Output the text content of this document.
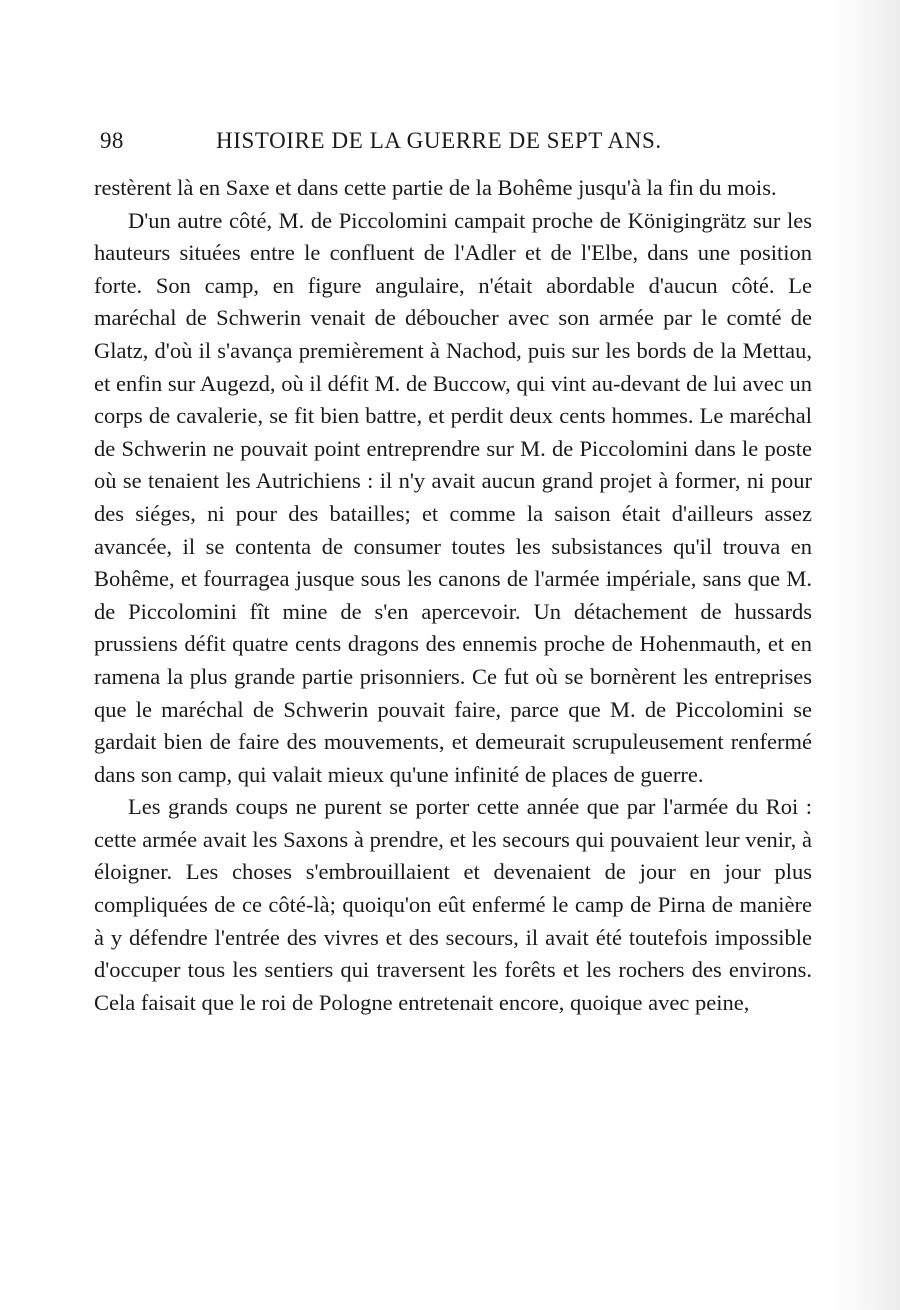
98	HISTOIRE DE LA GUERRE DE SEPT ANS.

restèrent là en Saxe et dans cette partie de la Bohême jusqu'à la fin du mois.

D'un autre côté, M. de Piccolomini campait proche de Königingrätz sur les hauteurs situées entre le confluent de l'Adler et de l'Elbe, dans une position forte. Son camp, en figure angulaire, n'était abordable d'aucun côté. Le maréchal de Schwerin venait de déboucher avec son armée par le comté de Glatz, d'où il s'avança premièrement à Nachod, puis sur les bords de la Mettau, et enfin sur Augezd, où il défit M. de Buccow, qui vint au-devant de lui avec un corps de cavalerie, se fit bien battre, et perdit deux cents hommes. Le maréchal de Schwerin ne pouvait point entreprendre sur M. de Piccolomini dans le poste où se tenaient les Autrichiens : il n'y avait aucun grand projet à former, ni pour des siéges, ni pour des batailles; et comme la saison était d'ailleurs assez avancée, il se contenta de consumer toutes les subsistances qu'il trouva en Bohême, et fourragea jusque sous les canons de l'armée impériale, sans que M. de Piccolomini fît mine de s'en apercevoir. Un détachement de hussards prussiens défit quatre cents dragons des ennemis proche de Hohenmauth, et en ramena la plus grande partie prisonniers. Ce fut où se bornèrent les entreprises que le maréchal de Schwerin pouvait faire, parce que M. de Piccolomini se gardait bien de faire des mouvements, et demeurait scrupuleusement renfermé dans son camp, qui valait mieux qu'une infinité de places de guerre.

Les grands coups ne purent se porter cette année que par l'armée du Roi : cette armée avait les Saxons à prendre, et les secours qui pouvaient leur venir, à éloigner. Les choses s'embrouillaient et devenaient de jour en jour plus compliquées de ce côté-là; quoiqu'on eût enfermé le camp de Pirna de manière à y défendre l'entrée des vivres et des secours, il avait été toutefois impossible d'occuper tous les sentiers qui traversent les forêts et les rochers des environs. Cela faisait que le roi de Pologne entretenait encore, quoique avec peine,
